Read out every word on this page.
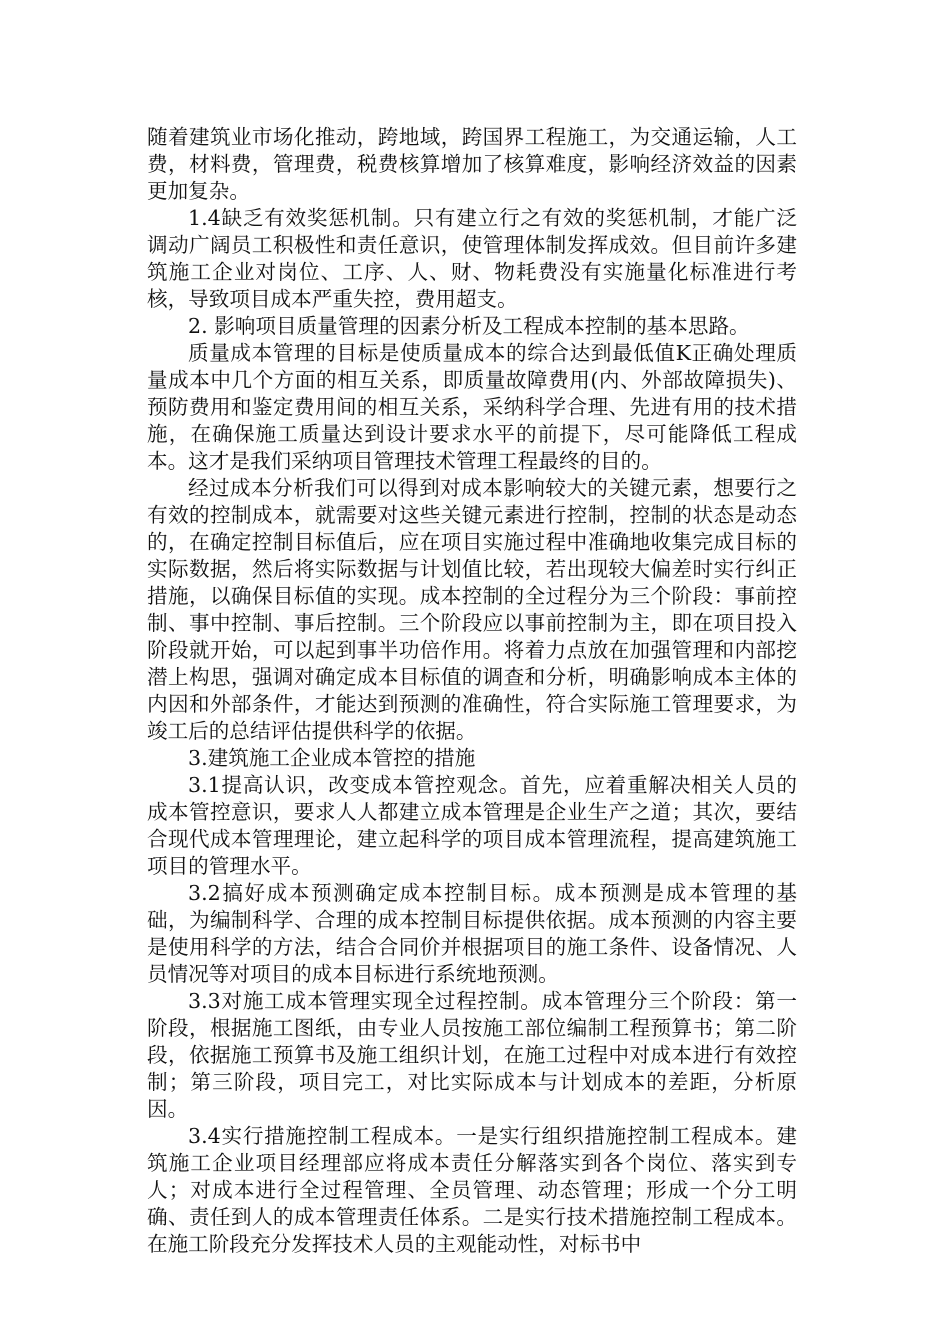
随着建筑业市场化推动，跨地域，跨国界工程施工，为交通运输，人工费，材料费，管理费，税费核算增加了核算难度，影响经济效益的因素更加复杂。

1.4缺乏有效奖惩机制。只有建立行之有效的奖惩机制，才能广泛调动广阔员工积极性和责任意识，使管理体制发挥成效。但目前许多建筑施工企业对岗位、工序、人、财、物耗费没有实施量化标准进行考核，导致项目成本严重失控，费用超支。

2. 影响项目质量管理的因素分析及工程成本控制的基本思路。

质量成本管理的目标是使质量成本的综合达到最低值K正确处理质量成本中几个方面的相互关系，即质量故障费用(内、外部故障损失)、预防费用和鉴定费用间的相互关系，采纳科学合理、先进有用的技术措施，在确保施工质量达到设计要求水平的前提下，尽可能降低工程成本。这才是我们采纳项目管理技术管理工程最终的目的。

经过成本分析我们可以得到对成本影响较大的关键元素，想要行之有效的控制成本，就需要对这些关键元素进行控制，控制的状态是动态的，在确定控制目标值后，应在项目实施过程中准确地收集完成目标的实际数据，然后将实际数据与计划值比较，若出现较大偏差时实行纠正措施，以确保目标值的实现。成本控制的全过程分为三个阶段：事前控制、事中控制、事后控制。三个阶段应以事前控制为主，即在项目投入阶段就开始，可以起到事半功倍作用。将着力点放在加强管理和内部挖潜上构思，强调对确定成本目标值的调查和分析，明确影响成本主体的内因和外部条件，才能达到预测的准确性，符合实际施工管理要求，为竣工后的总结评估提供科学的依据。

3.建筑施工企业成本管控的措施

3.1提高认识，改变成本管控观念。首先，应着重解决相关人员的成本管控意识，要求人人都建立成本管理是企业生产之道；其次，要结合现代成本管理理论，建立起科学的项目成本管理流程，提高建筑施工项目的管理水平。

3.2搞好成本预测确定成本控制目标。成本预测是成本管理的基础，为编制科学、合理的成本控制目标提供依据。成本预测的内容主要是使用科学的方法，结合合同价并根据项目的施工条件、设备情况、人员情况等对项目的成本目标进行系统地预测。

3.3对施工成本管理实现全过程控制。成本管理分三个阶段：第一阶段，根据施工图纸，由专业人员按施工部位编制工程预算书；第二阶段，依据施工预算书及施工组织计划，在施工过程中对成本进行有效控制；第三阶段，项目完工，对比实际成本与计划成本的差距，分析原因。

3.4实行措施控制工程成本。一是实行组织措施控制工程成本。建筑施工企业项目经理部应将成本责任分解落实到各个岗位、落实到专人；对成本进行全过程管理、全员管理、动态管理；形成一个分工明确、责任到人的成本管理责任体系。二是实行技术措施控制工程成本。在施工阶段充分发挥技术人员的主观能动性，对标书中
